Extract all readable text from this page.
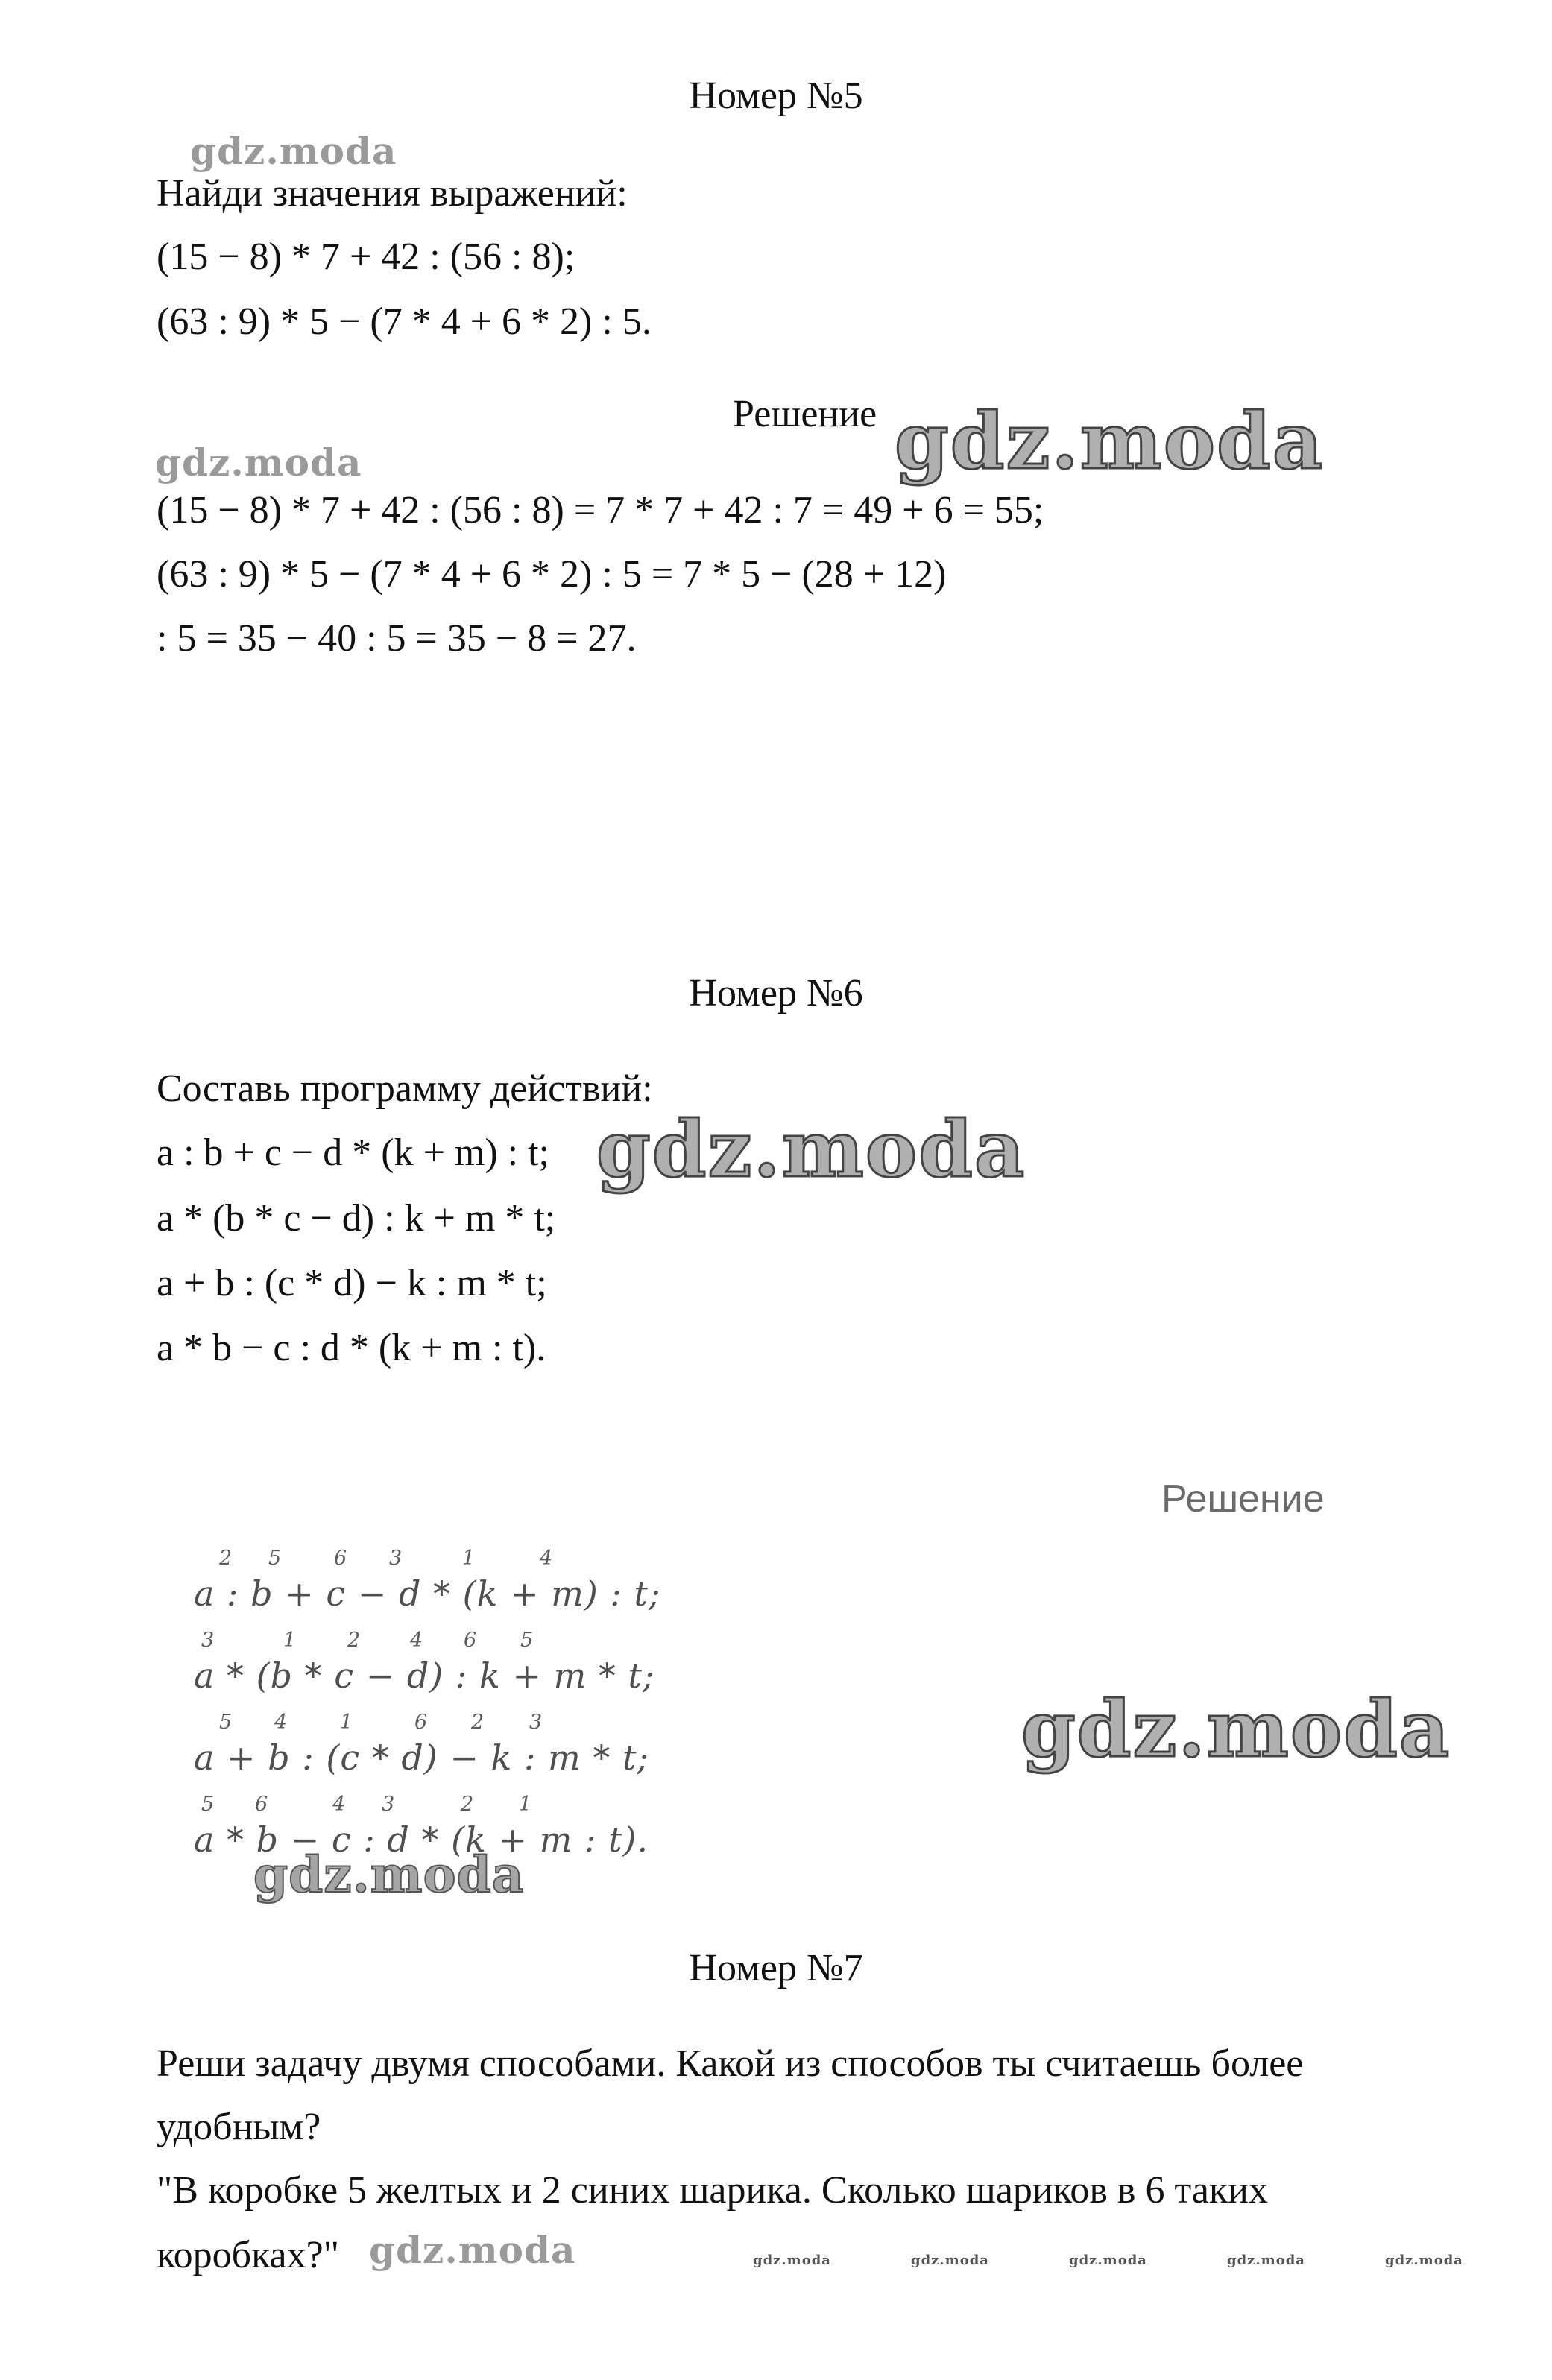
Номер №5
gdz.moda
Найди значения выражений:
(15 − 8) * 7 + 42 : (56 : 8);
(63 : 9) * 5 − (7 * 4 + 6 * 2) : 5.
Решение gdz.moda
gdz.moda
(15 − 8) * 7 + 42 : (56 : 8) = 7 * 7 + 42 : 7 = 49 + 6 = 55;
(63 : 9) * 5 − (7 * 4 + 6 * 2) : 5 = 7 * 5 − (28 + 12)
: 5 = 35 − 40 : 5 = 35 − 8 = 27.
Номер №6
Составь программу действий:
a : b + c − d * (k + m) : t; gdz.moda
a * (b * c − d) : k + m * t;
a + b : (c * d) − k : m * t;
a * b − c : d * (k + m : t).
Решение
2 5	6 3	1	4
a : b + c − d * (k + m) : t;
3	1	2 4 6 5
a * (b * c − d) : k + m * t;
5 4	1	6 2 3
a + b : (c * d) − k : m * t;
5 6	4 3	2 1
a * b − c : d * (k + m : t).
gdz.moda
gdz.moda
Номер №7
Реши задачу двумя способами. Какой из способов ты считаешь более
удобным?
"В коробке 5 желтых и 2 синих шарика. Сколько шариков в 6 таких
коробках?" gdz.moda	gdz.moda	gdz.moda	gdz.moda	gdz.moda	gdz.moda
